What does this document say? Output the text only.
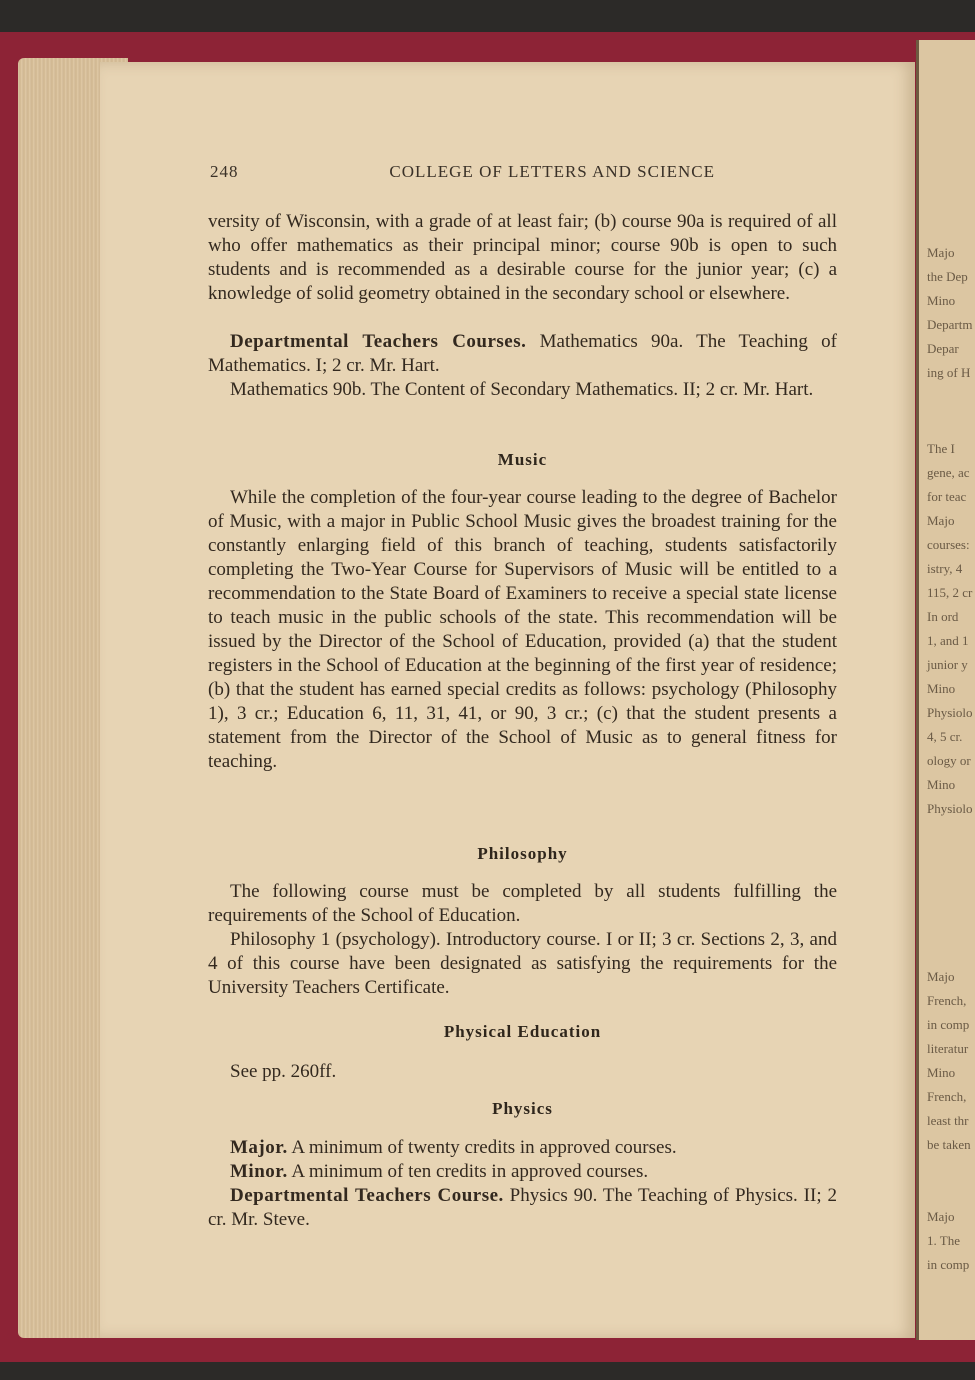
Majo
the Dep
Mino
Departm
Depar
ing of H
The I
gene, ac
for teac
Majo
courses:
istry, 4
115, 2 cr
In ord
1, and 1
junior y
Mino
Physiolo
4, 5 cr.
ology or
Mino
Physiolo
Majo
French,
in comp
literatur
Mino
French,
least thr
be taken
Majo
1. The
in comp
248	COLLEGE OF LETTERS AND SCIENCE
versity of Wisconsin, with a grade of at least fair; (b) course 90a is required of all who offer mathematics as their principal minor; course 90b is open to such students and is recommended as a desirable course for the junior year; (c) a knowledge of solid geometry obtained in the secondary school or elsewhere.
Departmental Teachers Courses. Mathematics 90a. The Teaching of Mathematics. I; 2 cr. Mr. Hart.
Mathematics 90b. The Content of Secondary Mathematics. II; 2 cr. Mr. Hart.
Music
While the completion of the four-year course leading to the degree of Bachelor of Music, with a major in Public School Music gives the broadest training for the constantly enlarging field of this branch of teaching, students satisfactorily completing the Two-Year Course for Supervisors of Music will be entitled to a recommendation to the State Board of Examiners to receive a special state license to teach music in the public schools of the state. This recommendation will be issued by the Director of the School of Education, provided (a) that the student registers in the School of Education at the beginning of the first year of residence; (b) that the student has earned special credits as follows: psychology (Philosophy 1), 3 cr.; Education 6, 11, 31, 41, or 90, 3 cr.; (c) that the student presents a statement from the Director of the School of Music as to general fitness for teaching.
Philosophy
The following course must be completed by all students fulfilling the requirements of the School of Education.
Philosophy 1 (psychology). Introductory course. I or II; 3 cr. Sections 2, 3, and 4 of this course have been designated as satisfying the requirements for the University Teachers Certificate.
Physical Education
See pp. 260ff.
Physics
Major. A minimum of twenty credits in approved courses.
Minor. A minimum of ten credits in approved courses.
Departmental Teachers Course. Physics 90. The Teaching of Physics. II; 2 cr. Mr. Steve.
